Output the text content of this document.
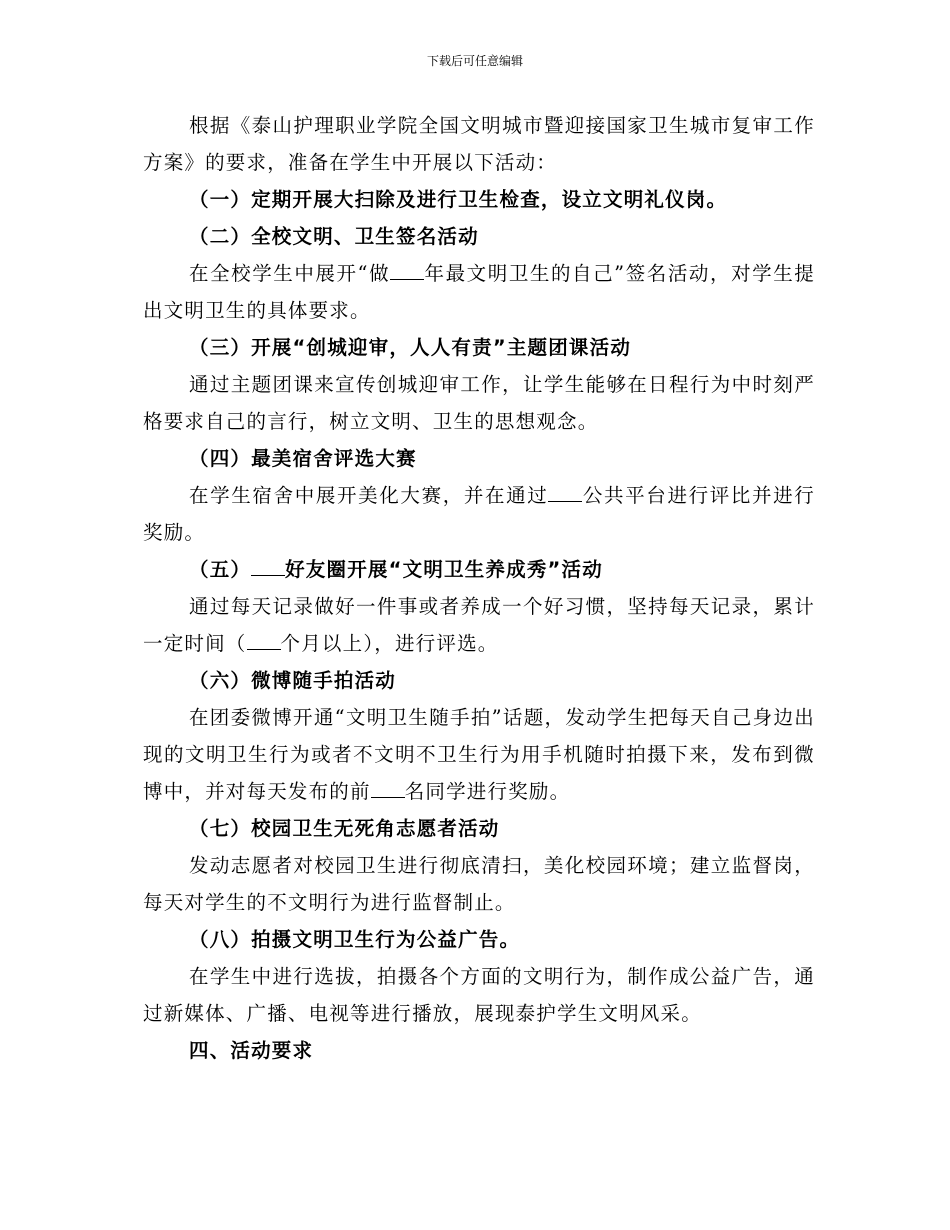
下载后可任意编辑

根据《泰山护理职业学院全国文明城市暨迎接国家卫生城市复审工作方案》的要求，准备在学生中开展以下活动：

（一）定期开展大扫除及进行卫生检查，设立文明礼仪岗。

（二）全校文明、卫生签名活动

在全校学生中展开“做 年最文明卫生的自己”签名活动，对学生提出文明卫生的具体要求。

（三）开展“创城迎审，人人有责”主题团课活动

通过主题团课来宣传创城迎审工作，让学生能够在日程行为中时刻严格要求自己的言行，树立文明、卫生的思想观念。

（四）最美宿舍评选大赛

在学生宿舍中展开美化大赛，并在通过 公共平台进行评比并进行奖励。

（五） 好友圈开展“文明卫生养成秀”活动

通过每天记录做好一件事或者养成一个好习惯，坚持每天记录，累计一定时间（ 个月以上），进行评选。

（六）微博随手拍活动

在团委微博开通“文明卫生随手拍”话题，发动学生把每天自己身边出现的文明卫生行为或者不文明不卫生行为用手机随时拍摄下来，发布到微博中，并对每天发布的前 名同学进行奖励。

（七）校园卫生无死角志愿者活动

发动志愿者对校园卫生进行彻底清扫，美化校园环境；建立监督岗，每天对学生的不文明行为进行监督制止。

（八）拍摄文明卫生行为公益广告。

在学生中进行选拔，拍摄各个方面的文明行为，制作成公益广告，通过新媒体、广播、电视等进行播放，展现泰护学生文明风采。

四、活动要求
